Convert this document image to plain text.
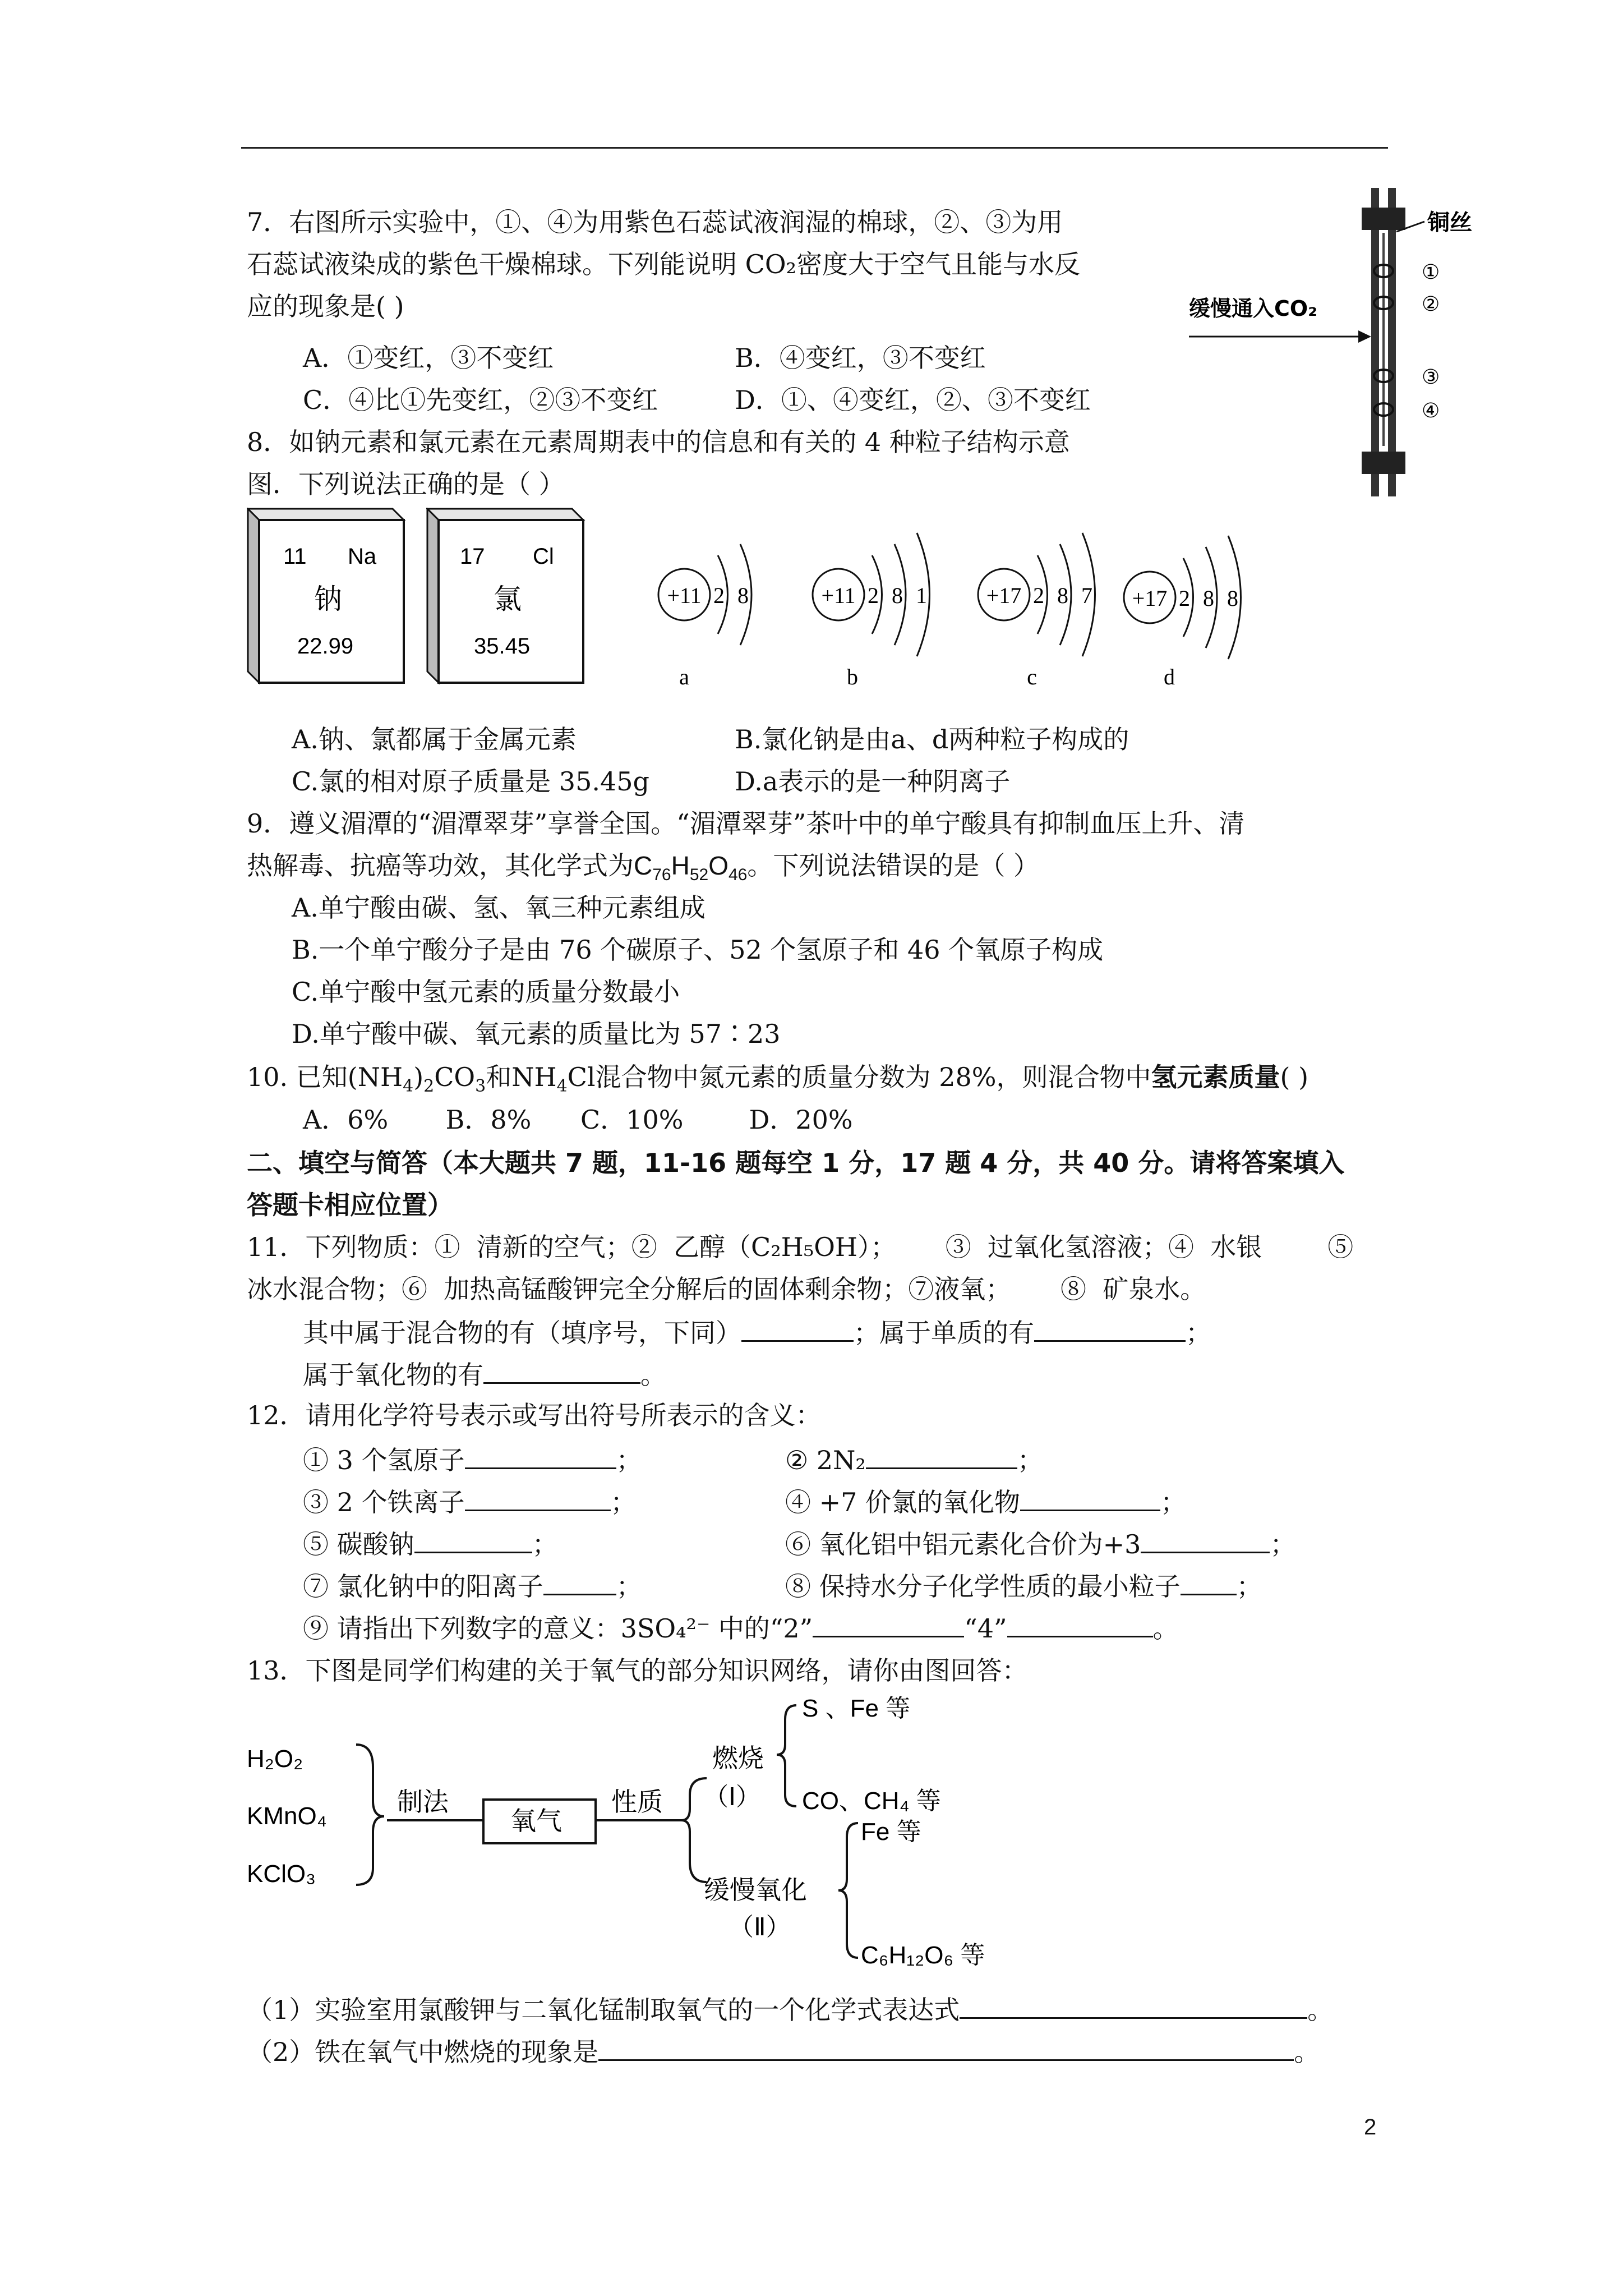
7．右图所示实验中，①、④为用紫色石蕊试液润湿的棉球，②、③为用
石蕊试液染成的紫色干燥棉球。下列能说明 CO₂密度大于空气且能与水反
应的现象是( )
A．①变红，③不变红	B．④变红，③不变红
C．④比①先变红，②③不变红	D．①、④变红，②、③不变红
铜丝
①
②
③
④
缓慢通入CO₂
8．如钠元素和氯元素在元素周期表中的信息和有关的 4 种粒子结构示意
图．下列说法正确的是（ ）
11 Na
钠
22.99
17 Cl
氯
35.45
+11 2 8
a
+11 2 8 1
b
+17 2 8 7
c
+17 2 8 8
d
A.钠、氯都属于金属元素	B.氯化钠是由a、d两种粒子构成的
C.氯的相对原子质量是 35.45g	D.a表示的是一种阴离子
9．遵义湄潭的“湄潭翠芽”享誉全国。“湄潭翠芽”茶叶中的单宁酸具有抑制血压上升、清
热解毒、抗癌等功效，其化学式为$C_{76}H_{52}O_{46}$。下列说法错误的是（ ）
A.单宁酸由碳、氢、氧三种元素组成
B.一个单宁酸分子是由 76 个碳原子、52 个氢原子和 46 个氧原子构成
C.单宁酸中氢元素的质量分数最小
D.单宁酸中碳、氧元素的质量比为 57∶23
10. 已知$(NH_4)_2CO_3$和$NH_4Cl$混合物中氮元素的质量分数为 28%，则混合物中氢元素质量( )
A．6%       B．8%      C．10%        D．20%
二、填空与简答（本大题共 7 题，11-16 题每空 1 分，17 题 4 分，共 40 分。请将答案填入
答题卡相应位置）
11．下列物质：①  清新的空气；②  乙醇（C₂H₅OH）；      ③  过氧化氢溶液；④  水银        ⑤
冰水混合物；⑥  加热高锰酸钾完全分解后的固体剩余物；⑦液氧；      ⑧  矿泉水。
其中属于混合物的有（填序号，下同）	；属于单质的有	；
属于氧化物的有	。
12．请用化学符号表示或写出符号所表示的含义：
① 3 个氢原子	；	② 2N₂	；
③ 2 个铁离子	；	④ +7 价氯的氧化物	；
⑤ 碳酸钠	；	⑥ 氧化铝中铝元素化合价为+3	；
⑦ 氯化钠中的阳离子	；	⑧ 保持水分子化学性质的最小粒子 ；
⑨ 请指出下列数字的意义：3SO₄²⁻ 中的“2”	“4”	。
13．下图是同学们构建的关于氧气的部分知识网络，请你由图回答：
H₂O₂
KMnO₄
KClO₃
制法
氧气
性质
燃烧
（Ⅰ）
S 、Fe 等
CO、CH₄ 等
缓慢氧化
（Ⅱ）
Fe 等
C₆H₁₂O₆ 等
（1）实验室用氯酸钾与二氧化锰制取氧气的一个化学式表达式	。
（2）铁在氧气中燃烧的现象是	。
2
